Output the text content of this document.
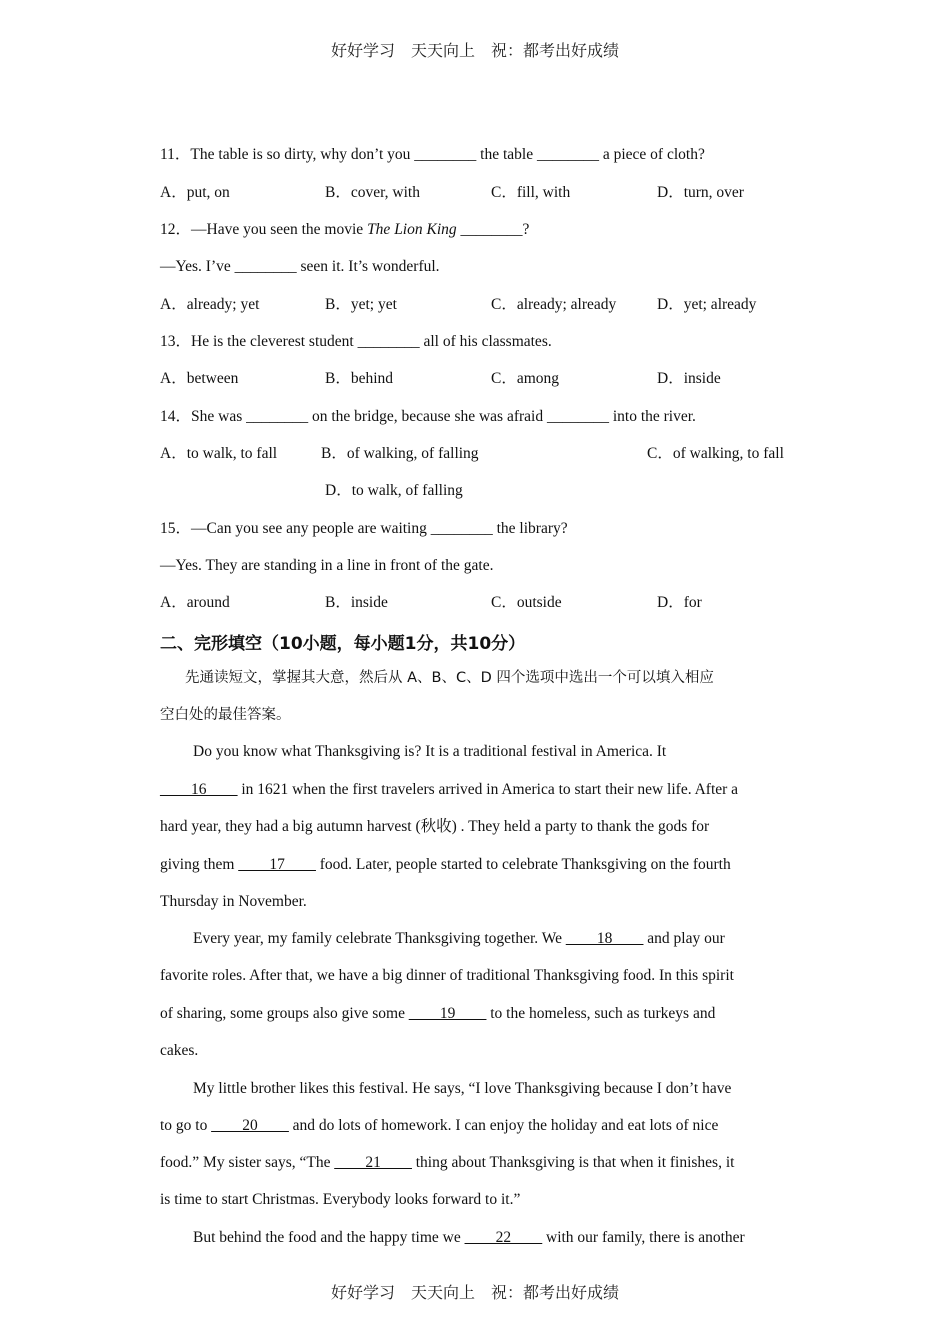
好好学习　天天向上　祝：都考出好成绩
11．The table is so dirty, why don’t you ________ the table ________ a piece of cloth?
A．put, on	B．cover, with	C．fill, with	D．turn, over
12．—Have you seen the movie The Lion King ________?
—Yes. I’ve ________ seen it. It’s wonderful.
A．already; yet	B．yet; yet	C．already; already	D．yet; already
13．He is the cleverest student ________ all of his classmates.
A．between	B．behind	C．among	D．inside
14．She was ________ on the bridge, because she was afraid ________ into the river.
A．to walk, to fall	B．of walking, of falling	C．of walking, to fall
D．to walk, of falling
15．—Can you see any people are waiting ________ the library?
—Yes. They are standing in a line in front of the gate.
A．around	B．inside	C．outside	D．for
二、完形填空（10小题，每小题1分，共10分）
先通读短文，掌握其大意，然后从 A、B、C、D 四个选项中选出一个可以填入相应
空白处的最佳答案。
Do you know what Thanksgiving is? It is a traditional festival in America. It
____16____ in 1621 when the first travelers arrived in America to start their new life. After a
hard year, they had a big autumn harvest (秋收) . They held a party to thank the gods for
giving them ____17____ food. Later, people started to celebrate Thanksgiving on the fourth
Thursday in November.
Every year, my family celebrate Thanksgiving together. We ____18____ and play our
favorite roles. After that, we have a big dinner of traditional Thanksgiving food. In this spirit
of sharing, some groups also give some ____19____ to the homeless, such as turkeys and
cakes.
My little brother likes this festival. He says, “I love Thanksgiving because I don’t have
to go to ____20____ and do lots of homework. I can enjoy the holiday and eat lots of nice
food.” My sister says, “The ____21____ thing about Thanksgiving is that when it finishes, it
is time to start Christmas. Everybody looks forward to it.”
But behind the food and the happy time we ____22____ with our family, there is another
好好学习　天天向上　祝：都考出好成绩
